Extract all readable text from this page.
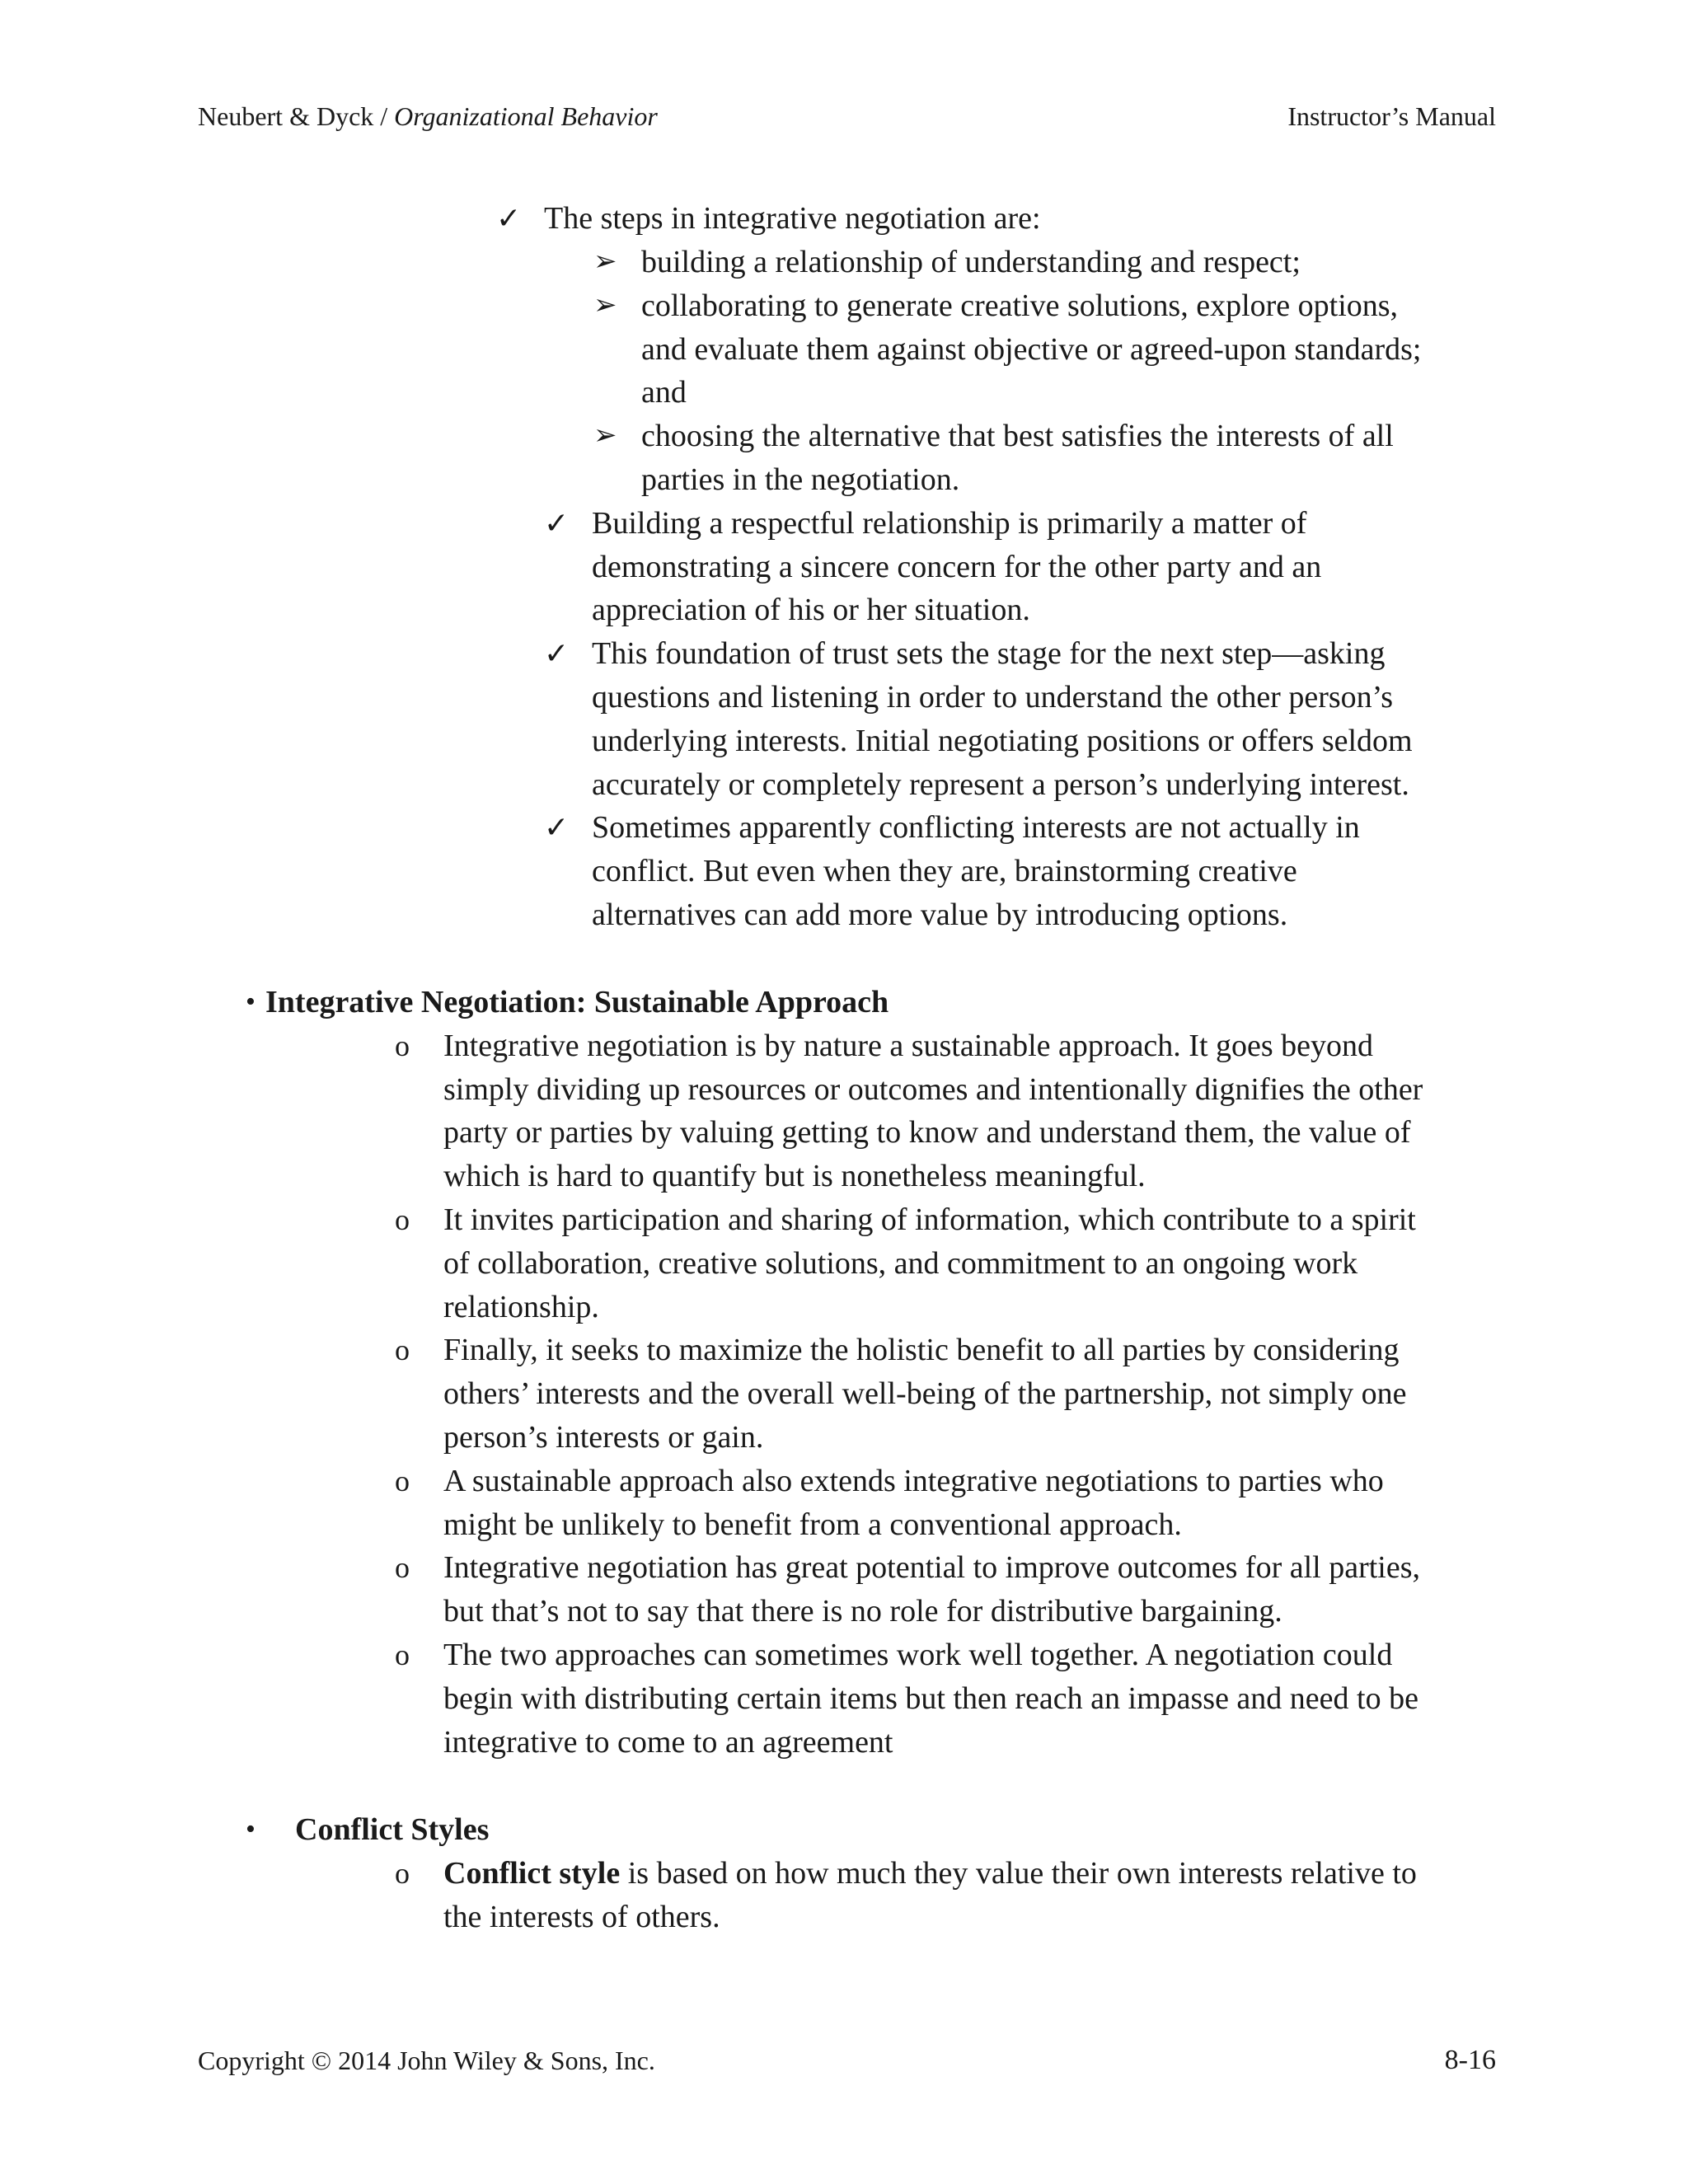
Neubert & Dyck / Organizational Behavior	Instructor’s Manual
✓ The steps in integrative negotiation are:
➢ building a relationship of understanding and respect;
➢ collaborating to generate creative solutions, explore options,
and evaluate them against objective or agreed-upon standards;
and
➢ choosing the alternative that best satisfies the interests of all
parties in the negotiation.
✓ Building a respectful relationship is primarily a matter of
demonstrating a sincere concern for the other party and an
appreciation of his or her situation.
✓ This foundation of trust sets the stage for the next step—asking
questions and listening in order to understand the other person’s
underlying interests. Initial negotiating positions or offers seldom
accurately or completely represent a person’s underlying interest.
✓ Sometimes apparently conflicting interests are not actually in
conflict. But even when they are, brainstorming creative
alternatives can add more value by introducing options.
• Integrative Negotiation: Sustainable Approach
o Integrative negotiation is by nature a sustainable approach. It goes beyond
simply dividing up resources or outcomes and intentionally dignifies the other
party or parties by valuing getting to know and understand them, the value of
which is hard to quantify but is nonetheless meaningful.
o It invites participation and sharing of information, which contribute to a spirit
of collaboration, creative solutions, and commitment to an ongoing work
relationship.
o Finally, it seeks to maximize the holistic benefit to all parties by considering
others’ interests and the overall well-being of the partnership, not simply one
person’s interests or gain.
o A sustainable approach also extends integrative negotiations to parties who
might be unlikely to benefit from a conventional approach.
o Integrative negotiation has great potential to improve outcomes for all parties,
but that’s not to say that there is no role for distributive bargaining.
o The two approaches can sometimes work well together. A negotiation could
begin with distributing certain items but then reach an impasse and need to be
integrative to come to an agreement
• Conflict Styles
o Conflict style is based on how much they value their own interests relative to
the interests of others.
Copyright © 2014 John Wiley & Sons, Inc.	8-16
